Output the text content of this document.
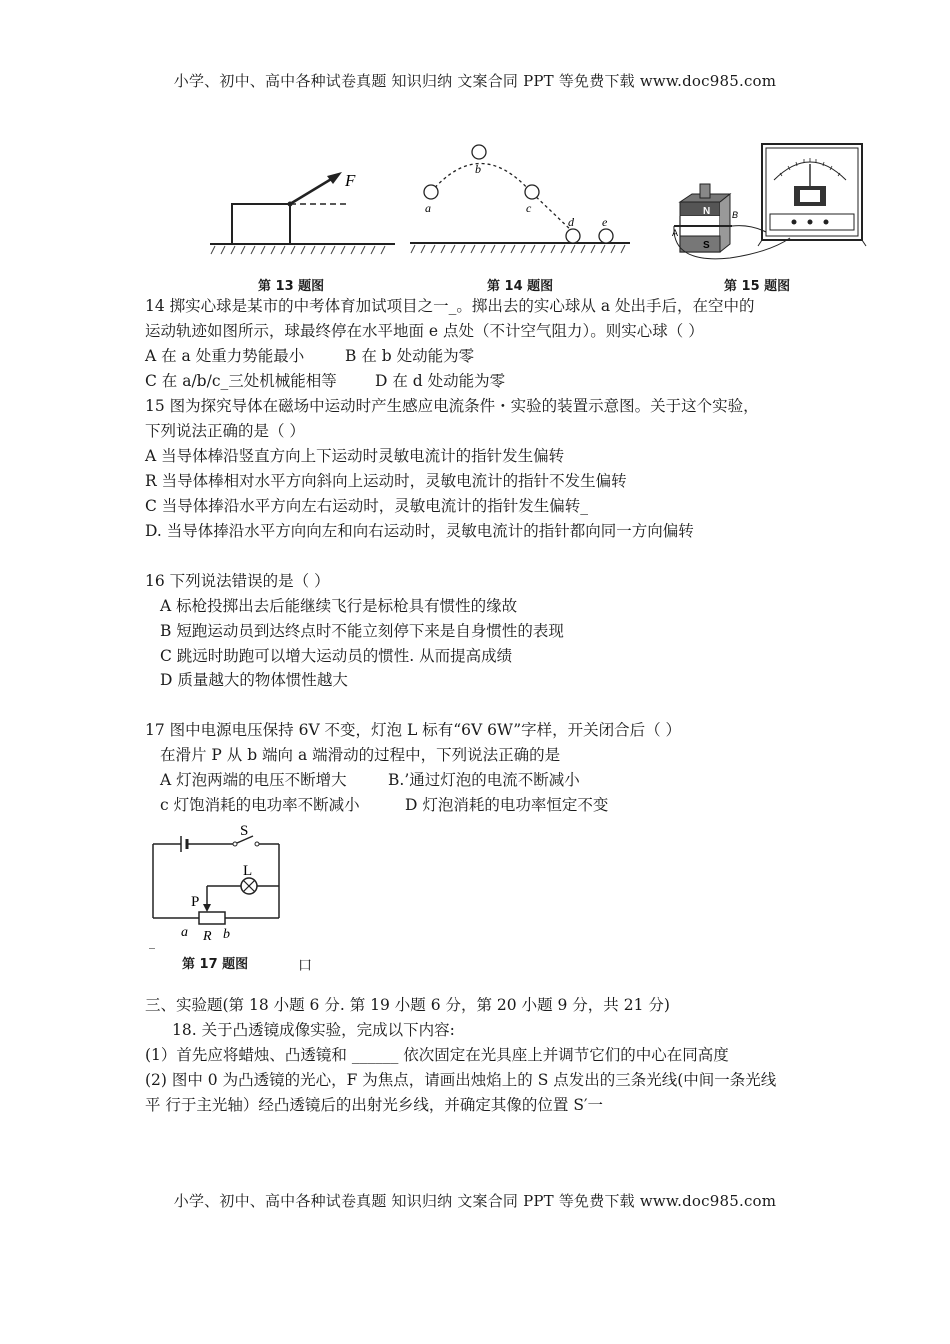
小学、初中、高中各种试卷真题 知识归纳 文案合同 PPT 等免费下载 www.doc985.com
F
第 13 题图
a
b
c
d e
第 14 题图
N
S
A
B
第 15 题图
14 掷实心球是某市的中考体育加试项目之一_。掷出去的实心球从 a 处出手后，在空中的
运动轨迹如图所示，球最终停在水平地面 e 点处（不计空气阻力）。则实心球（ ）
A 在 a 处重力势能最小	B 在 b 处动能为零
C 在 a/b/c_三处机械能相等 D 在 d 处动能为零
15 图为探究导体在磁场中运动时产生感应电流条件・实验的装置示意图。关于这个实验，
下列说法正确的是（ ）
A 当导体棒沿竖直方向上下运动时灵敏电流计的指针发生偏转
R 当导体棒相对水平方向斜向上运动时，灵敏电流计的指针不发生偏转
C 当导体捧沿水平方向左右运动时，灵敏电流计的指针发生偏转_
D. 当导体捧沿水平方向向左和向右运动时，灵敏电流计的指针都向同一方向偏转
16 下列说法错误的是（ ）
A 标枪投掷出去后能继续飞行是标枪具有惯性的缘故
B 短跑运动员到达终点时不能立刻停下来是自身惯性的表现
C 跳远时助跑可以增大运动员的惯性. 从而提高成绩
D 质量越大的物体惯性越大
17 图中电源电压保持 6V 不变，灯泡 L 标有“6V 6W”字样，开关闭合后（ ）
在滑片 P 从 b 端向 a 端滑动的过程中，下列说法正确的是
A 灯泡两端的电压不断增大	B.’通过灯泡的电流不断减小
c 灯饱消耗的电功率不断减小	D 灯泡消耗的电功率恒定不变
S
L
P
a R b
_
第 17 题图	口
三、实验题(第 18 小题 6 分. 第 19 小题 6 分，第 20 小题 9 分，共 21 分)
18. 关于凸透镜成像实验，完成以下内容:
(1）首先应将蜡烛、凸透镜和 ______ 依次固定在光具座上并调节它们的中心在同高度
(2) 图中 0 为凸透镜的光心，F 为焦点，请画出烛焰上的 S 点发出的三条光线(中间一条光线
平 行于主光轴）经凸透镜后的出射光乡线，并确定其像的位置 S′一
小学、初中、高中各种试卷真题 知识归纳 文案合同 PPT 等免费下载 www.doc985.com
